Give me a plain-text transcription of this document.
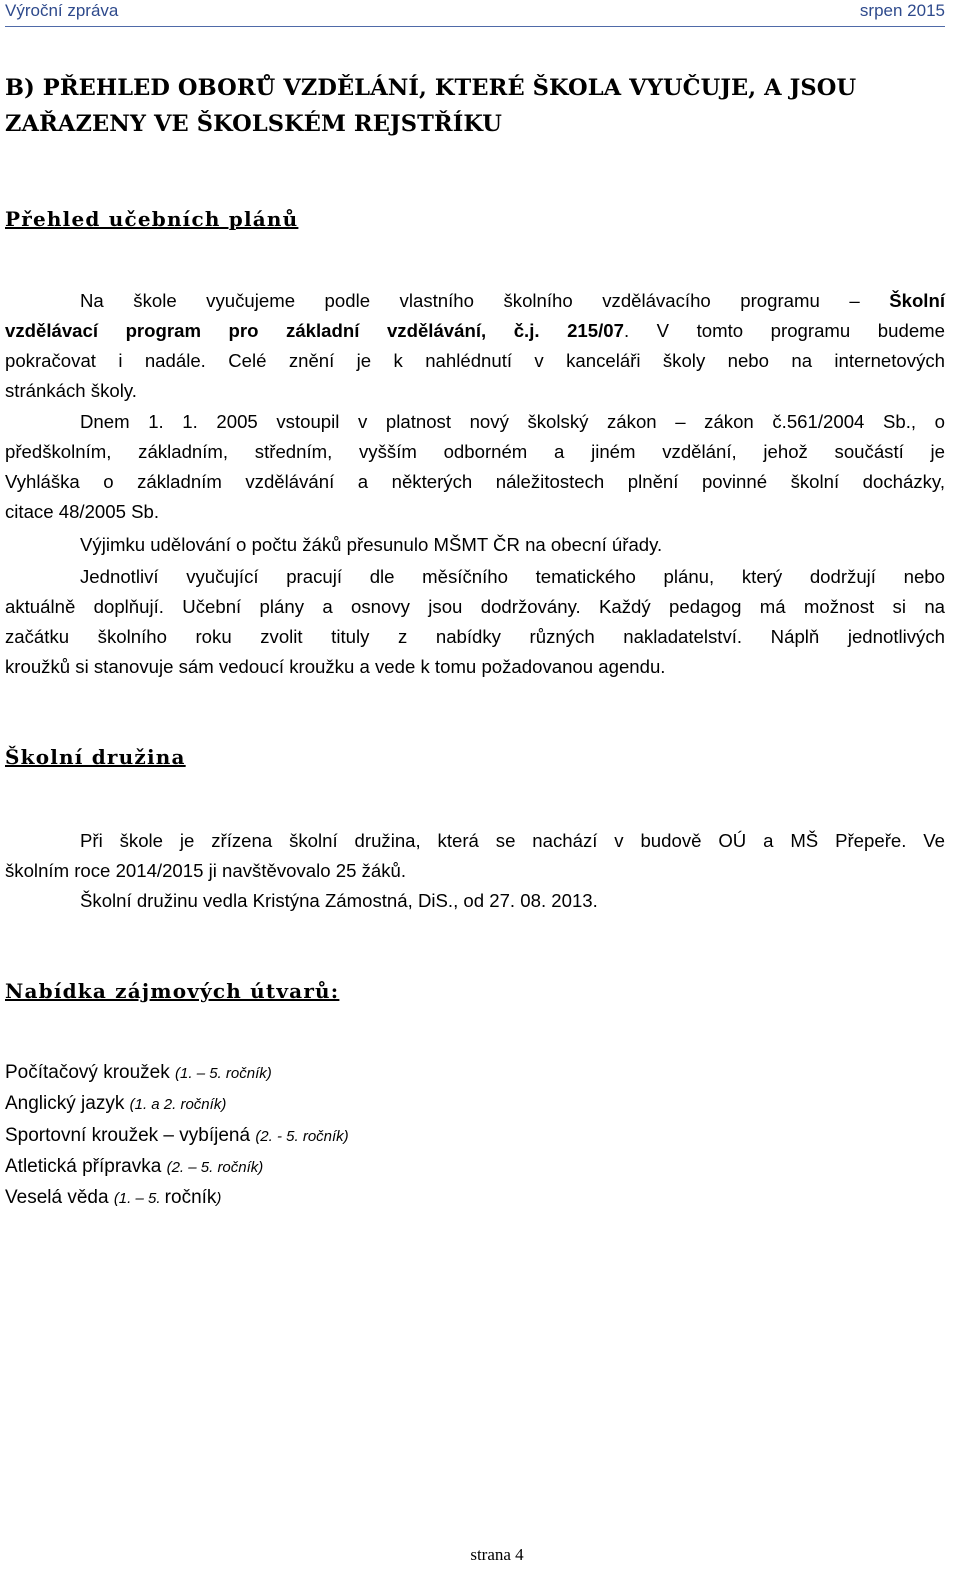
Výroční zpráva	srpen 2015
B) PŘEHLED OBORŮ VZDĚLÁNÍ, KTERÉ ŠKOLA VYUČUJE, A JSOU
ZAŘAZENY VE ŠKOLSKÉM REJSTŘÍKU
Přehled učebních plánů
Na škole vyučujeme podle vlastního školního vzdělávacího programu – Školní
vzdělávací program pro základní vzdělávání, č.j. 215/07. V tomto programu budeme
pokračovat i nadále. Celé znění je k nahlédnutí v kanceláři školy nebo na internetových
stránkách školy.
Dnem 1. 1. 2005 vstoupil v platnost nový školský zákon – zákon č.561/2004 Sb., o
předškolním, základním, středním, vyšším odborném a jiném vzdělání, jehož součástí je
Vyhláška o základním vzdělávání a některých náležitostech plnění povinné školní docházky,
citace 48/2005 Sb.
Výjimku udělování o počtu žáků přesunulo MŠMT ČR na obecní úřady.
Jednotliví vyučující pracují dle měsíčního tematického plánu, který dodržují nebo
aktuálně doplňují. Učební plány a osnovy jsou dodržovány. Každý pedagog má možnost si na
začátku školního roku zvolit tituly z nabídky různých nakladatelství. Náplň jednotlivých
kroužků si stanovuje sám vedoucí kroužku a vede k tomu požadovanou agendu.
Školní družina
Při škole je zřízena školní družina, která se nachází v budově OÚ a MŠ Přepeře. Ve
školním roce 2014/2015 ji navštěvovalo 25 žáků.
Školní družinu vedla Kristýna Zámostná, DiS., od 27. 08. 2013.
Nabídka zájmových útvarů:
Počítačový kroužek (1. – 5. ročník)
Anglický jazyk (1. a 2. ročník)
Sportovní kroužek – vybíjená (2. - 5. ročník)
Atletická přípravka (2. – 5. ročník)
Veselá věda (1. – 5. ročník)
strana 4
